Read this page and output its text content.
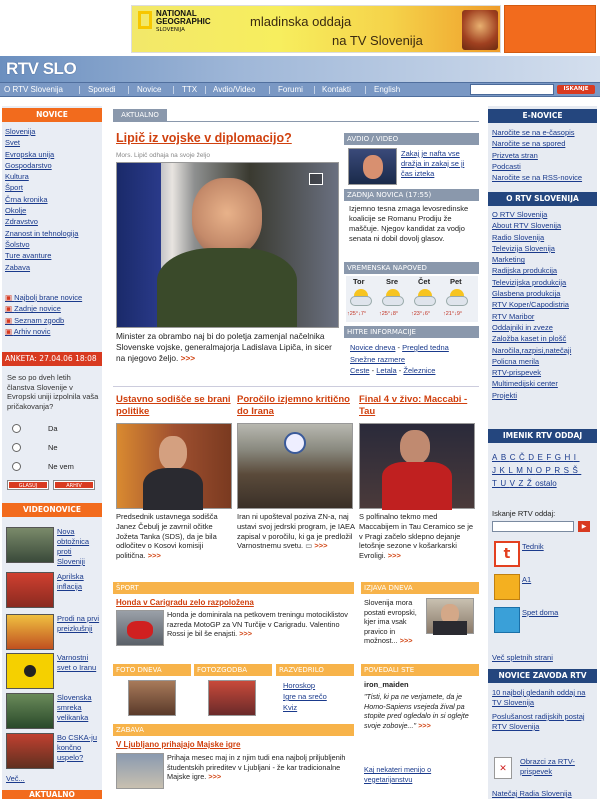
NATIONAL GEOGRAPHIC
SLOVENIJA
mladinska oddaja
na TV Slovenija
RTV SLO
O RTV Slovenija | Sporedi | Novice | TTX | Avdio/Video | Forumi | Kontakti | English	ISKANJE
NOVICE
Slovenija
Svet
Evropska unija
Gospodarstvo
Kultura
Šport
Črna kronika
Okolje
Zdravstvo
Znanost in tehnologija
Šolstvo
Ture avanture
Zabava
▣ Najbolj brane novice
▣ Zadnje novice
▣ Seznam zgodb
▣ Arhiv novic
ANKETA: 27.04.06 18:08
Se so po dveh letih članstva Slovenije v Evropski uniji izpolnila vaša pričakovanja?
Da
Ne
Ne vem
GLASUJ	ARHIV
VIDEONOVICE
Nova obtožnica proti Sloveniji
Aprilska inflacija
Prodi na prvi preizkušnji
Varnostni svet o Iranu
Slovenska smreka velikanka
Bo CSKA-ju končno uspelo?
Več...
AKTUALNO
AKTUALNO
Lipič iz vojske v diplomacijo?
Mors. Lipič odhaja na svoje željo
Minister za obrambo naj bi do poletja zamenjal načelnika Slovenske vojske, generalmajorja Ladislava Lipiča, in sicer na njegovo željo. >>>
AVDIO / VIDEO
Zakaj je nafta vse dražja in zakaj se ji čas izteka
ZADNJA NOVICA (17:55)
Izjemno tesna zmaga levosredinske koalicije se Romanu Prodiju že maščuje. Njegov kandidat za vodjo senata ni dobil dovolj glasov.
VREMENSKA NAPOVED
Tor	Sre	Čet	Pet
↑25°↓7° ↑25°↓8° ↑23°↓6° ↑21°↓9°
HITRE INFORMACIJE
Novice dneva - Pregled tedna
Snežne razmere
Ceste - Letala - Železnice
Ustavno sodišče se brani politike
Predsednik ustavnega sodišča Janez Čebulj je zavrnil očitke Jožeta Tanka (SDS), da je bila odločitev o Kosovi komisiji politična. >>>
Poročilo izjemno kritično do Irana
Iran ni upošteval poziva ZN-a, naj ustavi svoj jedrski program, je IAEA zapisal v poročilu, ki ga je predložil Varnostnemu svetu. ▭ >>>
Final 4 v živo: Maccabi - Tau
S polfinalno tekmo med Maccabijem in Tau Ceramico se je v Pragi začelo sklepno dejanje letošnje sezone v košarkarski Evroligi. >>>
ŠPORT
Honda v Carigradu zelo razpoložena
Honda je dominirala na petkovem treningu motociklistov razreda MotoGP za VN Turčije v Carigradu. Valentino Rossi je bil še enajsti. >>>
IZJAVA DNEVA
Slovenija mora postati evropski, kjer ima vsak pravico in možnost... >>>
FOTO DNEVA	FOTOZGODBA	RAZVEDRILO
Horoskop
Igre na srečo
Kviz
POVEDALI STE
iron_maiden
"Tisti, ki pa ne verjamete, da je Homo-Sapiens vsejeda žival pa stopite pred ogledalo in si oglejte svoje zobovje..." >>>
Kaj nekateri menijo o vegetarijanstvu
ZABAVA
V Ljubljano prihajajo Majske igre
Prihaja mesec maj in z njim tudi ena najbolj priljubljenih študentskih prireditev v Ljubljani - že kar tradicionalne Majske igre. >>>
E-NOVICE
Naročite se na e-časopis
Naročite se na spored
Prizveta stran
Podcasti
Naročite se na RSS-novice
O RTV SLOVENIJA
O RTV Slovenija
About RTV Slovenija
Radio Slovenija
Televizija Slovenija
Marketing
Radijska produkcija
Televizijska produkcija
Glasbena produkcija
RTV Koper/Capodistria
RTV Maribor
Oddajniki in zveze
Založba kaset in plošč
Naročila,razpisi,natečaji
Policna merila
RTV-prispevek
Multimedijski center
Projekti
IMENIK RTV ODDAJ
ABCČDEFGHI
JKLMNOPRSŠ
TUVZŽostalo
Iskanje RTV oddaj:
▶
t	Tednik
A1
Spet doma
Več spletnih strani
NOVICE ZAVODA RTV
10 najbolj gledanih oddaj na TV Slovenija
Poslušanost radijskih postaj RTV Slovenija
✕
Obrazci za RTV-prispevek
Natečaj Radia Slovenija
